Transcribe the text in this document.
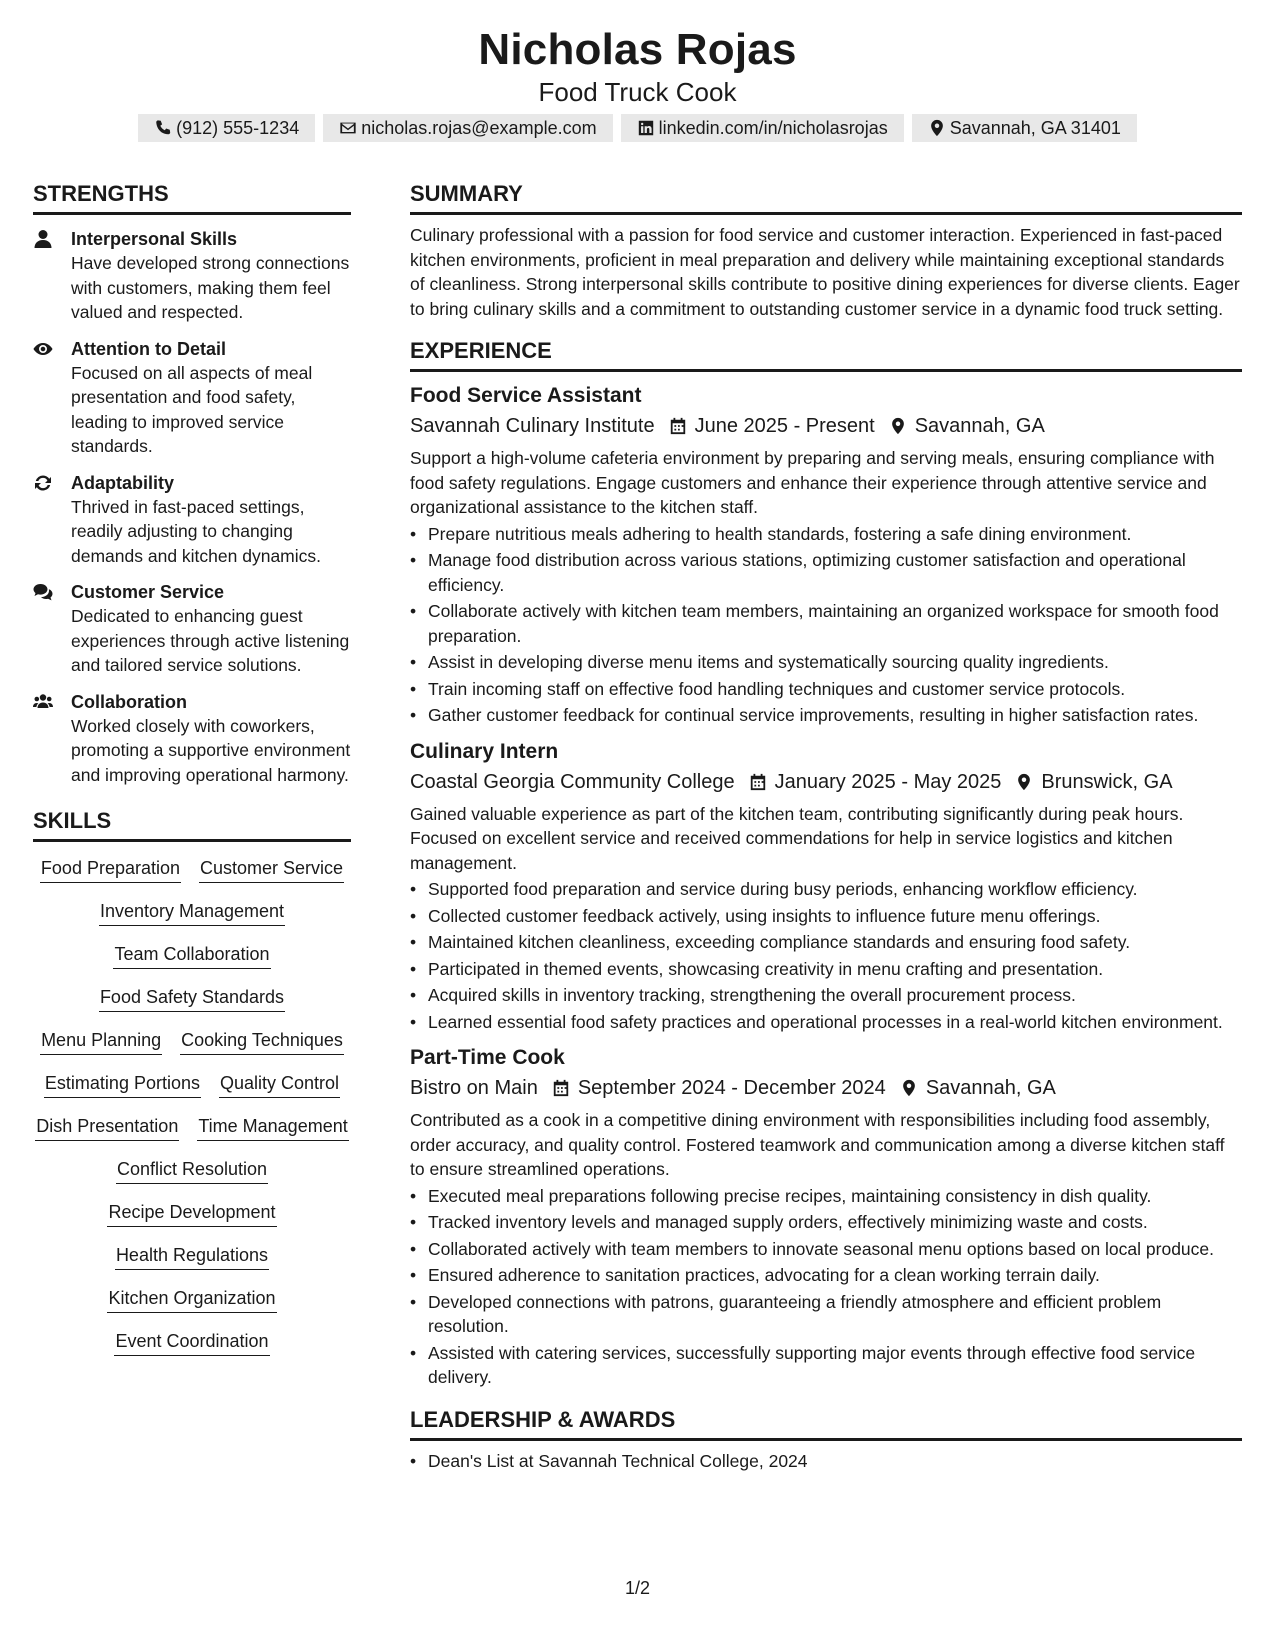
Nicholas Rojas
Food Truck Cook
(912) 555-1234	nicholas.rojas@example.com	linkedin.com/in/nicholasrojas	Savannah, GA 31401
STRENGTHS
Interpersonal Skills
Have developed strong connections with customers, making them feel valued and respected.
Attention to Detail
Focused on all aspects of meal presentation and food safety, leading to improved service standards.
Adaptability
Thrived in fast-paced settings, readily adjusting to changing demands and kitchen dynamics.
Customer Service
Dedicated to enhancing guest experiences through active listening and tailored service solutions.
Collaboration
Worked closely with coworkers, promoting a supportive environment and improving operational harmony.
SKILLS
Food Preparation Customer Service
Inventory Management
Team Collaboration
Food Safety Standards
Menu Planning Cooking Techniques
Estimating Portions Quality Control
Dish Presentation Time Management
Conflict Resolution
Recipe Development
Health Regulations
Kitchen Organization
Event Coordination
SUMMARY
Culinary professional with a passion for food service and customer interaction. Experienced in fast-paced kitchen environments, proficient in meal preparation and delivery while maintaining exceptional standards of cleanliness. Strong interpersonal skills contribute to positive dining experiences for diverse clients. Eager to bring culinary skills and a commitment to outstanding customer service in a dynamic food truck setting.
EXPERIENCE
Food Service Assistant
Savannah Culinary Institute June 2025 - Present Savannah, GA
Support a high-volume cafeteria environment by preparing and serving meals, ensuring compliance with food safety regulations. Engage customers and enhance their experience through attentive service and organizational assistance to the kitchen staff.
• Prepare nutritious meals adhering to health standards, fostering a safe dining environment.
• Manage food distribution across various stations, optimizing customer satisfaction and operational efficiency.
• Collaborate actively with kitchen team members, maintaining an organized workspace for smooth food preparation.
• Assist in developing diverse menu items and systematically sourcing quality ingredients.
• Train incoming staff on effective food handling techniques and customer service protocols.
• Gather customer feedback for continual service improvements, resulting in higher satisfaction rates.
Culinary Intern
Coastal Georgia Community College January 2025 - May 2025 Brunswick, GA
Gained valuable experience as part of the kitchen team, contributing significantly during peak hours. Focused on excellent service and received commendations for help in service logistics and kitchen management.
• Supported food preparation and service during busy periods, enhancing workflow efficiency.
• Collected customer feedback actively, using insights to influence future menu offerings.
• Maintained kitchen cleanliness, exceeding compliance standards and ensuring food safety.
• Participated in themed events, showcasing creativity in menu crafting and presentation.
• Acquired skills in inventory tracking, strengthening the overall procurement process.
• Learned essential food safety practices and operational processes in a real-world kitchen environment.
Part-Time Cook
Bistro on Main September 2024 - December 2024 Savannah, GA
Contributed as a cook in a competitive dining environment with responsibilities including food assembly, order accuracy, and quality control. Fostered teamwork and communication among a diverse kitchen staff to ensure streamlined operations.
• Executed meal preparations following precise recipes, maintaining consistency in dish quality.
• Tracked inventory levels and managed supply orders, effectively minimizing waste and costs.
• Collaborated actively with team members to innovate seasonal menu options based on local produce.
• Ensured adherence to sanitation practices, advocating for a clean working terrain daily.
• Developed connections with patrons, guaranteeing a friendly atmosphere and efficient problem resolution.
• Assisted with catering services, successfully supporting major events through effective food service delivery.
LEADERSHIP & AWARDS
• Dean's List at Savannah Technical College, 2024
1/2
